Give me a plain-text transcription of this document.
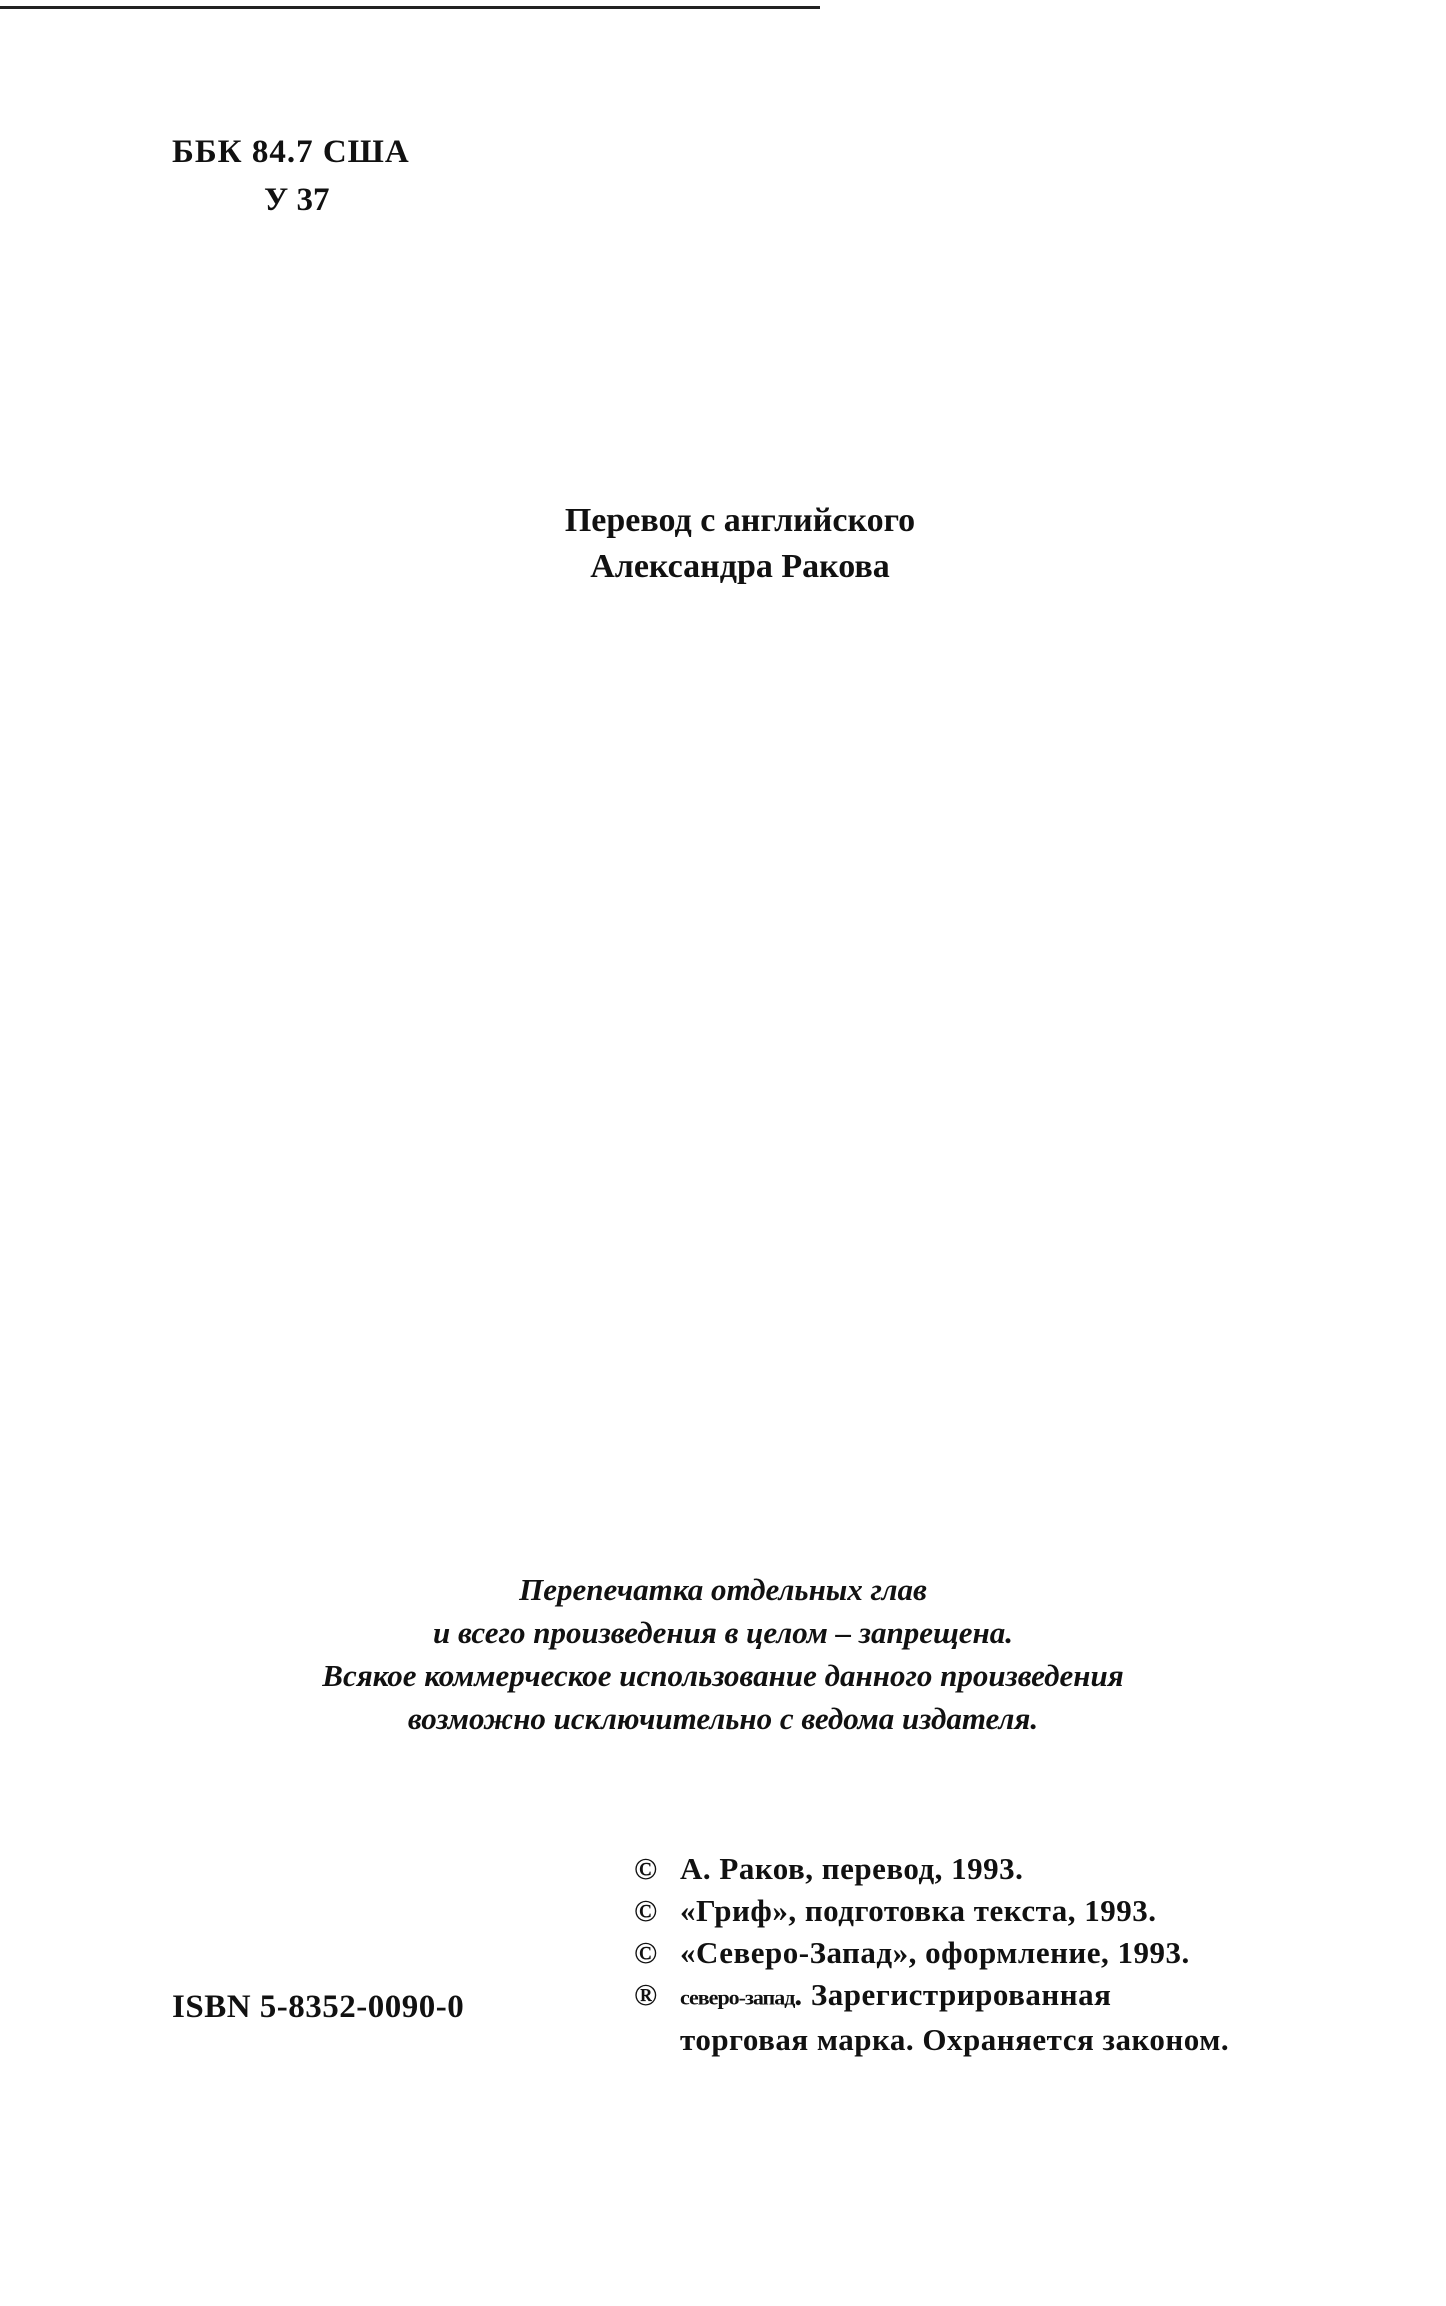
ББК 84.7 США
У 37
Перевод с английского
Александра Ракова
Перепечатка отдельных глав
и всего произведения в целом – запрещена.
Всякое коммерческое использование данного произведения
возможно исключительно с ведома издателя.
© А. Раков, перевод, 1993.
© «Гриф», подготовка текста, 1993.
© «Северо-Запад», оформление, 1993.
®	северо-запад . Зарегистрированная
торговая марка. Охраняется законом.
ISBN 5-8352-0090-0
